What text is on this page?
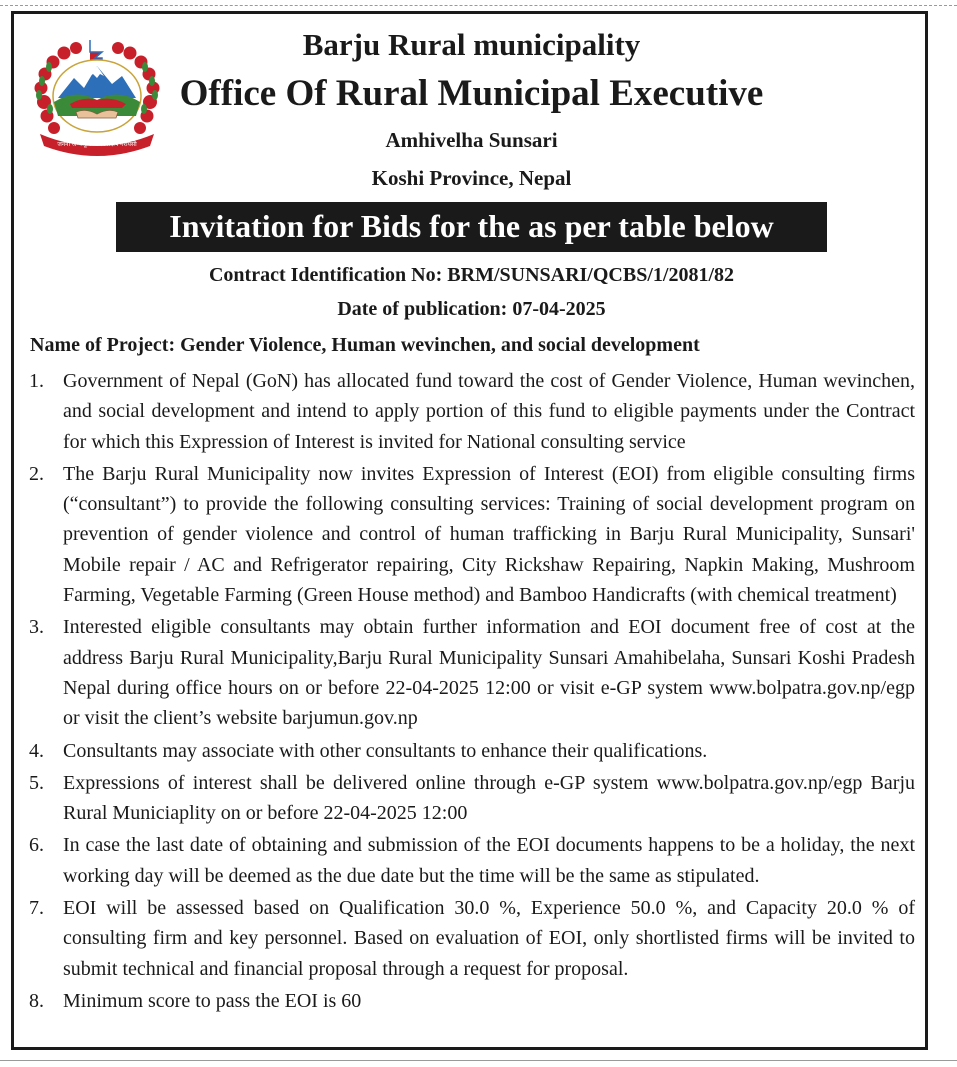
जननी जन्मभूमिश्च स्वर्गादपि गरीयसी
Barju Rural municipality
Office Of Rural Municipal Executive
Amhivelha Sunsari
Koshi Province, Nepal
Invitation for Bids for the as per table below
Contract Identification No: BRM/SUNSARI/QCBS/1/2081/82
Date of publication: 07-04-2025
Name of Project: Gender Violence, Human wevinchen, and social development
1. Government of Nepal (GoN) has allocated fund toward the cost of Gender Violence, Human wevinchen, and social development and intend to apply portion of this fund to eligible payments under the Contract for which this Expression of Interest is invited for National consulting service
2. The Barju Rural Municipality now invites Expression of Interest (EOI) from eligible consulting firms (“consultant”) to provide the following consulting services: Training of social development program on prevention of gender violence and control of human trafficking in Barju Rural Municipality, Sunsari' Mobile repair / AC and Refrigerator repairing, City Rickshaw Repairing, Napkin Making, Mushroom Farming, Vegetable Farming (Green House method) and Bamboo Handicrafts (with chemical treatment)
3. Interested eligible consultants may obtain further information and EOI document free of cost at the address Barju Rural Municipality,Barju Rural Municipality Sunsari Amahibelaha, Sunsari Koshi Pradesh Nepal during office hours on or before 22-04-2025 12:00 or visit e-GP system www.bolpatra.gov.np/egp or visit the client’s website barjumun.gov.np
4. Consultants may associate with other consultants to enhance their qualifications.
5. Expressions of interest shall be delivered online through e-GP system www.bolpatra.gov.np/egp Barju Rural Municiaplity on or before 22-04-2025 12:00
6. In case the last date of obtaining and submission of the EOI documents happens to be a holiday, the next working day will be deemed as the due date but the time will be the same as stipulated.
7. EOI will be assessed based on Qualification 30.0 %, Experience 50.0 %, and Capacity 20.0 % of consulting firm and key personnel. Based on evaluation of EOI, only shortlisted firms will be invited to submit technical and financial proposal through a request for proposal.
8. Minimum score to pass the EOI is 60
